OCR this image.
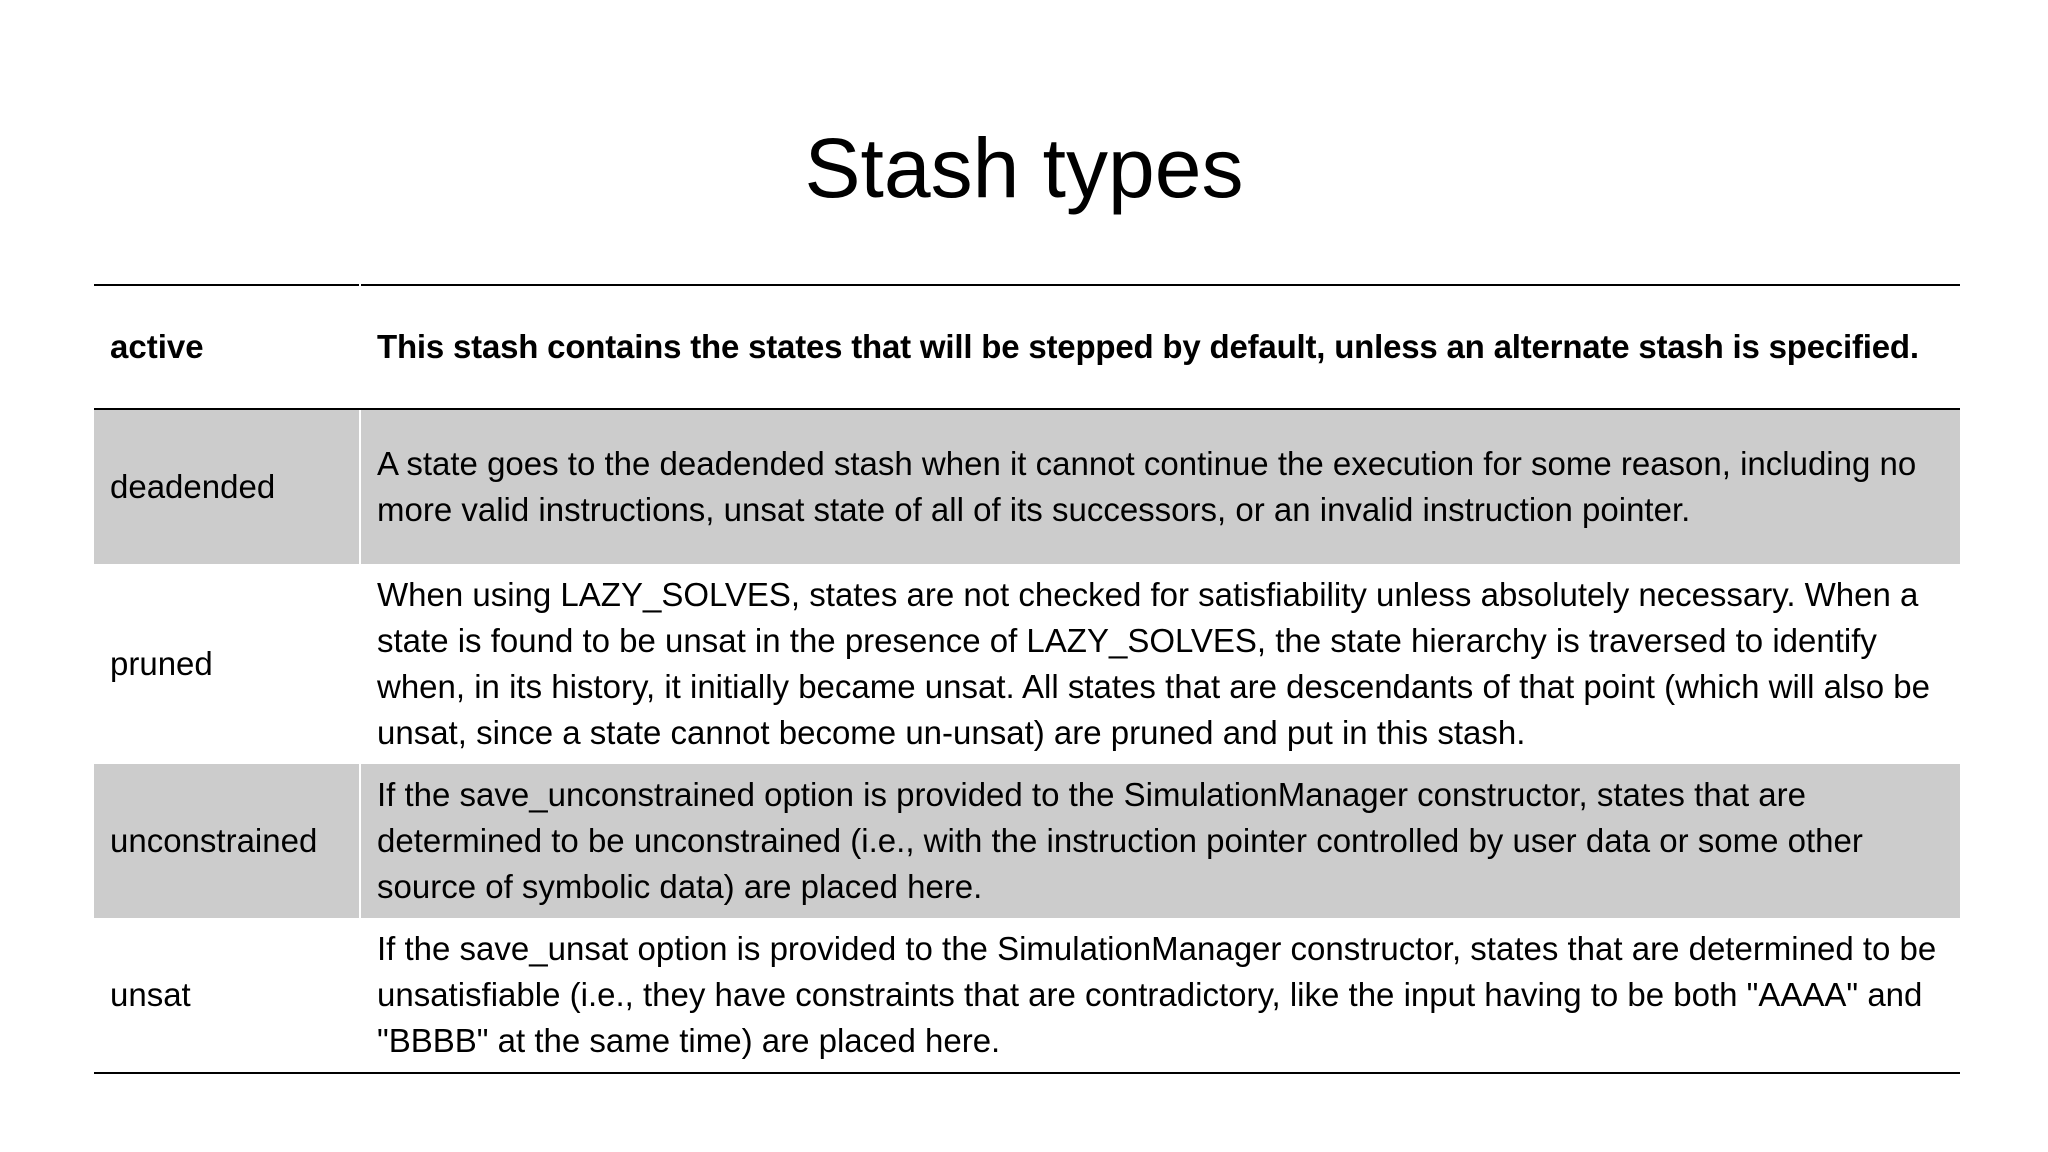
Stash types
active	This stash contains the states that will be stepped by default, unless an alternate stash is specified.
deadended	A state goes to the deadended stash when it cannot continue the execution for some reason, including no more valid instructions, unsat state of all of its successors, or an invalid instruction pointer.
pruned	When using LAZY_SOLVES, states are not checked for satisfiability unless absolutely necessary. When a state is found to be unsat in the presence of LAZY_SOLVES, the state hierarchy is traversed to identify when, in its history, it initially became unsat. All states that are descendants of that point (which will also be unsat, since a state cannot become un-unsat) are pruned and put in this stash.
unconstrained	If the save_unconstrained option is provided to the SimulationManager constructor, states that are determined to be unconstrained (i.e., with the instruction pointer controlled by user data or some other source of symbolic data) are placed here.
unsat	If the save_unsat option is provided to the SimulationManager constructor, states that are determined to be unsatisfiable (i.e., they have constraints that are contradictory, like the input having to be both "AAAA" and "BBBB" at the same time) are placed here.
